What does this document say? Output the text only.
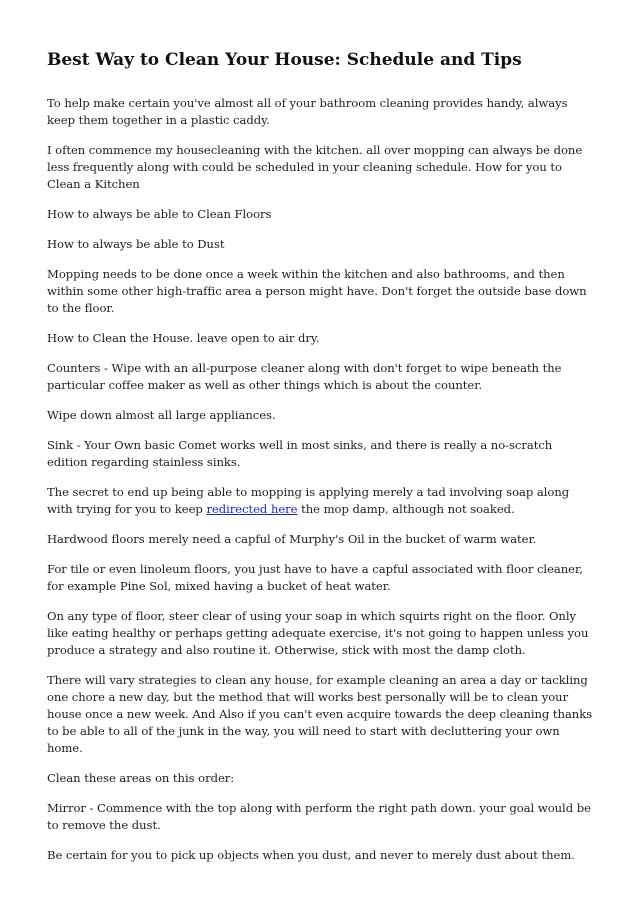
Best Way to Clean Your House: Schedule and Tips

To help make certain you've almost all of your bathroom cleaning provides handy, always keep them together in a plastic caddy.

I often commence my housecleaning with the kitchen. all over mopping can always be done less frequently along with could be scheduled in your cleaning schedule. How for you to Clean a Kitchen

How to always be able to Clean Floors

How to always be able to Dust

Mopping needs to be done once a week within the kitchen and also bathrooms, and then within some other high-traffic area a person might have. Don't forget the outside base down to the floor.

How to Clean the House. leave open to air dry.

Counters - Wipe with an all-purpose cleaner along with don't forget to wipe beneath the particular coffee maker as well as other things which is about the counter.

Wipe down almost all large appliances.

Sink - Your Own basic Comet works well in most sinks, and there is really a no-scratch edition regarding stainless sinks.

The secret to end up being able to mopping is applying merely a tad involving soap along with trying for you to keep redirected here the mop damp, although not soaked.

Hardwood floors merely need a capful of Murphy's Oil in the bucket of warm water.

For tile or even linoleum floors, you just have to have a capful associated with floor cleaner, for example Pine Sol, mixed having a bucket of heat water.

On any type of floor, steer clear of using your soap in which squirts right on the floor. Only like eating healthy or perhaps getting adequate exercise, it's not going to happen unless you produce a strategy and also routine it. Otherwise, stick with most the damp cloth.

There will vary strategies to clean any house, for example cleaning an area a day or tackling one chore a new day, but the method that will works best personally will be to clean your house once a new week. And Also if you can't even acquire towards the deep cleaning thanks to be able to all of the junk in the way, you will need to start with decluttering your own home.

Clean these areas on this order:

Mirror - Commence with the top along with perform the right path down. your goal would be to remove the dust.

Be certain for you to pick up objects when you dust, and never to merely dust about them.
